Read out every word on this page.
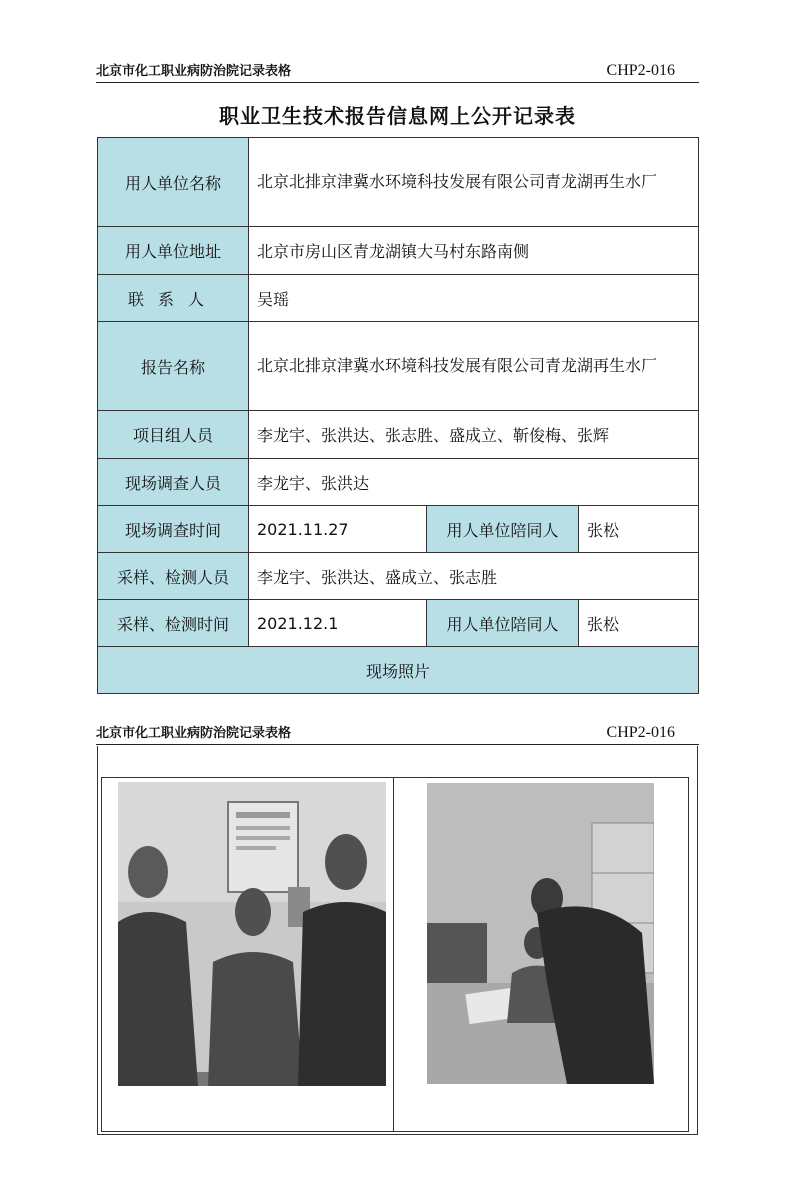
北京市化工职业病防治院记录表格	CHP2-016
职业卫生技术报告信息网上公开记录表
用人单位名称	北京北排京津冀水环境科技发展有限公司青龙湖再生水厂		
用人单位地址	北京市房山区青龙湖镇大马村东路南侧		
联系人	吴瑶		
报告名称	北京北排京津冀水环境科技发展有限公司青龙湖再生水厂		
项目组人员	李龙宇、张洪达、张志胜、盛成立、靳俊梅、张辉		
现场调查人员	李龙宇、张洪达		
现场调查时间	2021.11.27	用人单位陪同人	张松
采样、检测人员	李龙宇、张洪达、盛成立、张志胜		
采样、检测时间	2021.12.1	用人单位陪同人	张松
现场照片			
北京市化工职业病防治院记录表格	CHP2-016
